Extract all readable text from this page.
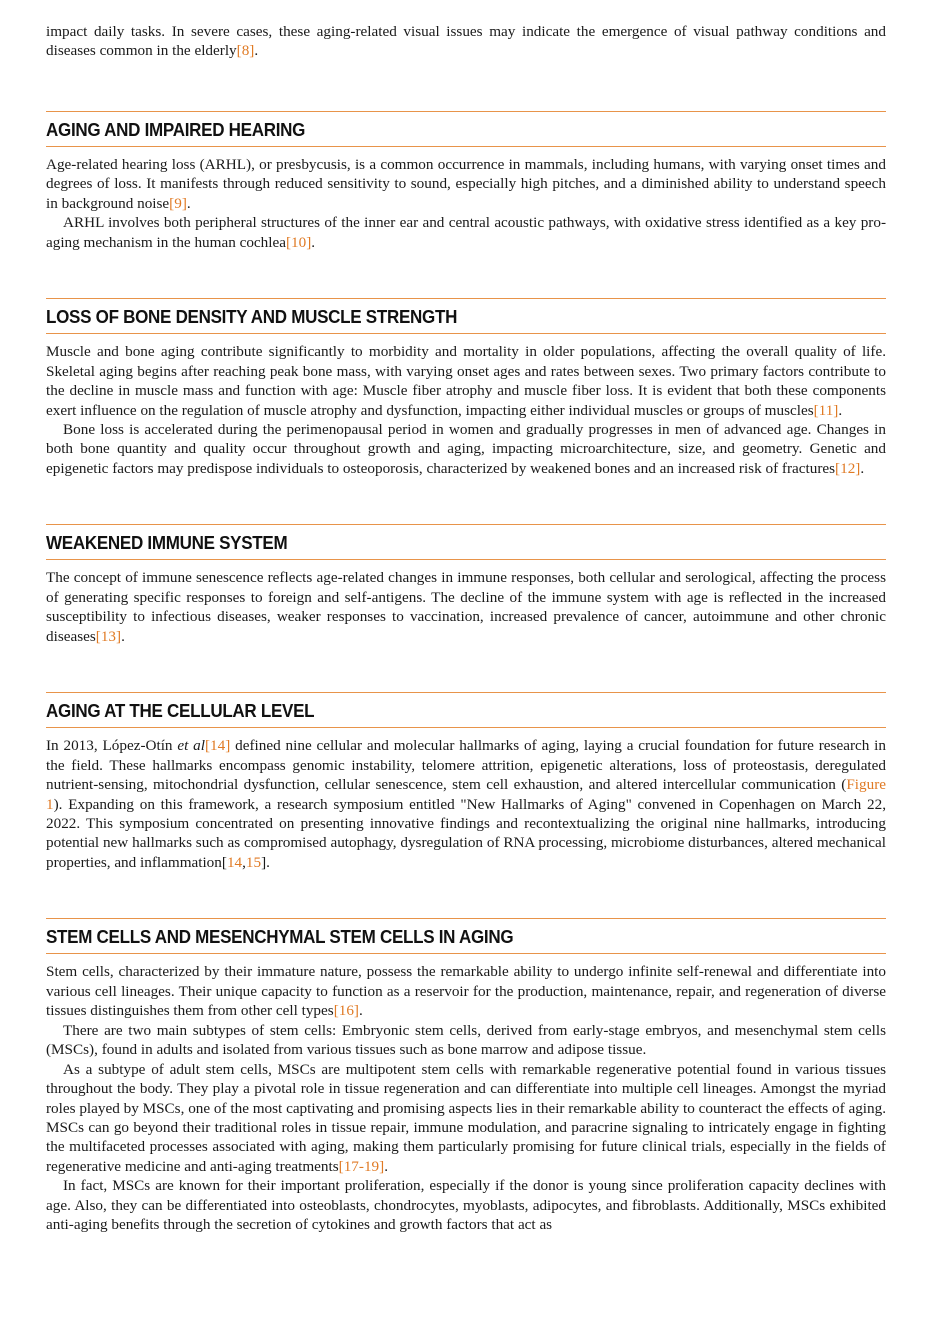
impact daily tasks. In severe cases, these aging-related visual issues may indicate the emergence of visual pathway conditions and diseases common in the elderly[8].

AGING AND IMPAIRED HEARING

Age-related hearing loss (ARHL), or presbycusis, is a common occurrence in mammals, including humans, with varying onset times and degrees of loss. It manifests through reduced sensitivity to sound, especially high pitches, and a diminished ability to understand speech in background noise[9].

ARHL involves both peripheral structures of the inner ear and central acoustic pathways, with oxidative stress identified as a key pro-aging mechanism in the human cochlea[10].

LOSS OF BONE DENSITY AND MUSCLE STRENGTH

Muscle and bone aging contribute significantly to morbidity and mortality in older populations, affecting the overall quality of life. Skeletal aging begins after reaching peak bone mass, with varying onset ages and rates between sexes. Two primary factors contribute to the decline in muscle mass and function with age: Muscle fiber atrophy and muscle fiber loss. It is evident that both these components exert influence on the regulation of muscle atrophy and dysfunction, impacting either individual muscles or groups of muscles[11].

Bone loss is accelerated during the perimenopausal period in women and gradually progresses in men of advanced age. Changes in both bone quantity and quality occur throughout growth and aging, impacting microarchitecture, size, and geometry. Genetic and epigenetic factors may predispose individuals to osteoporosis, characterized by weakened bones and an increased risk of fractures[12].

WEAKENED IMMUNE SYSTEM

The concept of immune senescence reflects age-related changes in immune responses, both cellular and serological, affecting the process of generating specific responses to foreign and self-antigens. The decline of the immune system with age is reflected in the increased susceptibility to infectious diseases, weaker responses to vaccination, increased prevalence of cancer, autoimmune and other chronic diseases[13].

AGING AT THE CELLULAR LEVEL

In 2013, López-Otín et al[14] defined nine cellular and molecular hallmarks of aging, laying a crucial foundation for future research in the field. These hallmarks encompass genomic instability, telomere attrition, epigenetic alterations, loss of proteostasis, deregulated nutrient-sensing, mitochondrial dysfunction, cellular senescence, stem cell exhaustion, and altered intercellular communication (Figure 1). Expanding on this framework, a research symposium entitled "New Hallmarks of Aging" convened in Copenhagen on March 22, 2022. This symposium concentrated on presenting innovative findings and recontextualizing the original nine hallmarks, introducing potential new hallmarks such as compromised autophagy, dysregulation of RNA processing, microbiome disturbances, altered mechanical properties, and inflammation[14,15].

STEM CELLS AND MESENCHYMAL STEM CELLS IN AGING

Stem cells, characterized by their immature nature, possess the remarkable ability to undergo infinite self-renewal and differentiate into various cell lineages. Their unique capacity to function as a reservoir for the production, maintenance, repair, and regeneration of diverse tissues distinguishes them from other cell types[16].

There are two main subtypes of stem cells: Embryonic stem cells, derived from early-stage embryos, and mesenchymal stem cells (MSCs), found in adults and isolated from various tissues such as bone marrow and adipose tissue.

As a subtype of adult stem cells, MSCs are multipotent stem cells with remarkable regenerative potential found in various tissues throughout the body. They play a pivotal role in tissue regeneration and can differentiate into multiple cell lineages. Amongst the myriad roles played by MSCs, one of the most captivating and promising aspects lies in their remarkable ability to counteract the effects of aging. MSCs can go beyond their traditional roles in tissue repair, immune modulation, and paracrine signaling to intricately engage in fighting the multifaceted processes associated with aging, making them particularly promising for future clinical trials, especially in the fields of regenerative medicine and anti-aging treatments[17-19].

In fact, MSCs are known for their important proliferation, especially if the donor is young since proliferation capacity declines with age. Also, they can be differentiated into osteoblasts, chondrocytes, myoblasts, adipocytes, and fibroblasts. Additionally, MSCs exhibited anti-aging benefits through the secretion of cytokines and growth factors that act as
